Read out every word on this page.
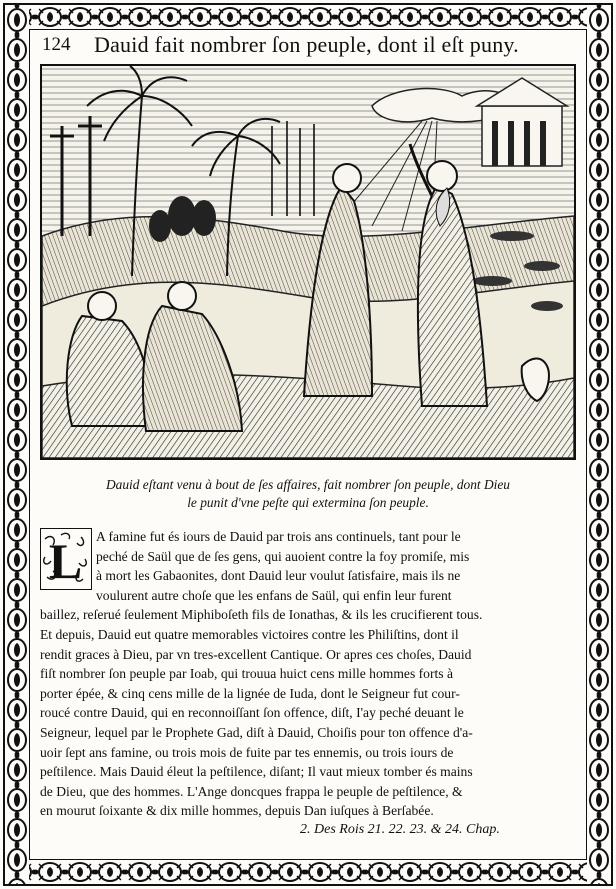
124 Dauid fait nombrer ſon peuple, dont il eſt puny.
Dauid eſtant venu à bout de ſes affaires, fait nombrer ſon peuple, dont Dieu
le punit d'vne peſte qui extermina ſon peuple.
L	A famine fut és iours de Dauid par trois ans continuels, tant pour le
peché de Saül que de ſes gens, qui auoient contre la foy promiſe, mis
à mort les Gabaonites, dont Dauid leur voulut ſatisfaire, mais ils ne
voulurent autre choſe que les enfans de Saül, qui enfin leur furent
baillez, reſerué ſeulement Miphiboſeth fils de Ionathas, & ils les crucifierent tous.
Et depuis, Dauid eut quatre memorables victoires contre les Philiſtins, dont il
rendit graces à Dieu, par vn tres-excellent Cantique. Or apres ces choſes, Dauid
fiſt nombrer ſon peuple par Ioab, qui trouua huict cens mille hommes forts à
porter épée, & cinq cens mille de la lignée de Iuda, dont le Seigneur fut cour-
roucé contre Dauid, qui en reconnoiſſant ſon offence, diſt, I'ay peché deuant le
Seigneur, lequel par le Prophete Gad, diſt à Dauid, Choiſis pour ton offence d'a-
uoir ſept ans famine, ou trois mois de fuite par tes ennemis, ou trois iours de
peſtilence. Mais Dauid éleut la peſtilence, diſant; Il vaut mieux tomber és mains
de Dieu, que des hommes. L'Ange doncques frappa le peuple de peſtilence, &
en mourut ſoixante & dix mille hommes, depuis Dan iuſques à Berſabée.
2. Des Rois 21. 22. 23. & 24. Chap.
